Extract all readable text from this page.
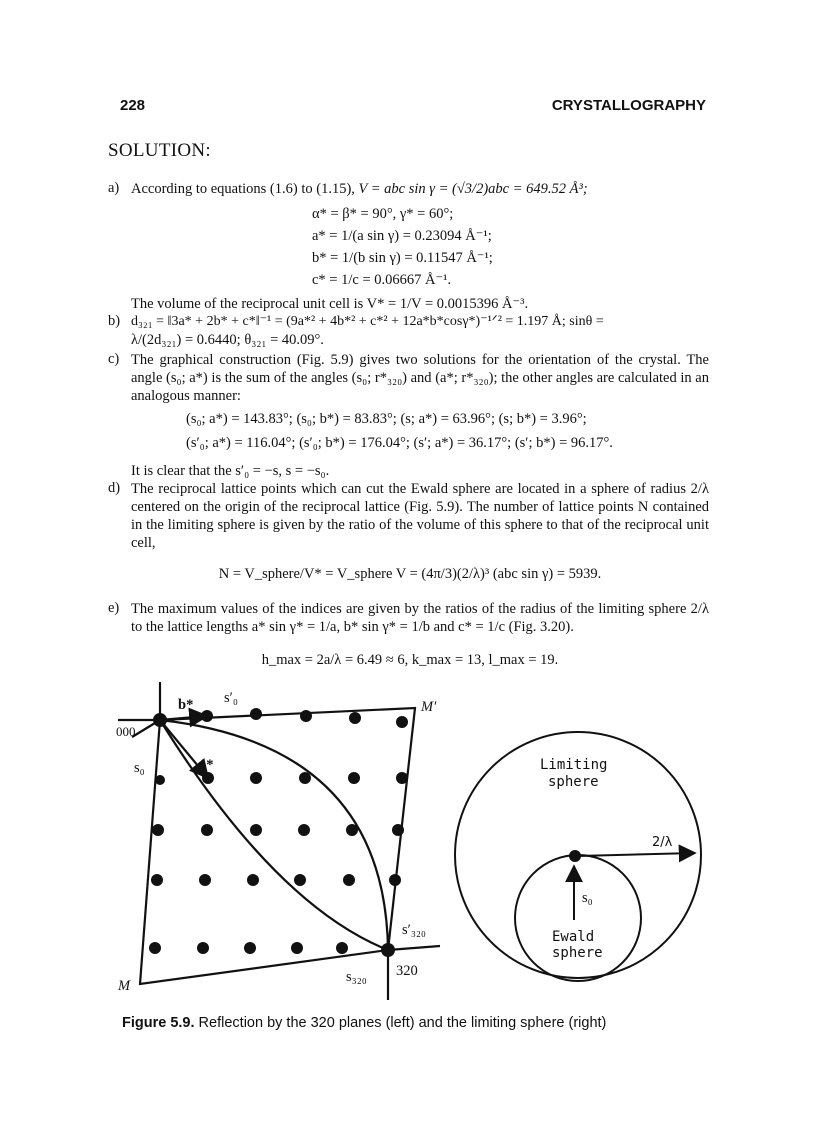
228	CRYSTALLOGRAPHY
SOLUTION:
a) According to equations (1.6) to (1.15), V = abc sin γ = (√3/2)abc = 649.52 Å³;
α* = β* = 90°, γ* = 60°;
a* = 1/(a sin γ) = 0.23094 Å⁻¹;
b* = 1/(b sin γ) = 0.11547 Å⁻¹;
c* = 1/c = 0.06667 Å⁻¹.
The volume of the reciprocal unit cell is V* = 1/V = 0.0015396 Å⁻³.
b) d₃₂₁ = ‖3a* + 2b* + c*‖⁻¹ = (9a*² + 4b*² + c*² + 12a*b*cosγ*)⁻¹ᐟ² = 1.197 Å; sinθ =
λ/(2d₃₂₁) = 0.6440; θ₃₂₁ = 40.09°.
c) The graphical construction (Fig. 5.9) gives two solutions for the orientation of the crystal. The angle (s₀; a*) is the sum of the angles (s₀; r*₃₂₀) and (a*; r*₃₂₀); the other angles are calculated in an analogous manner:
(s₀; a*) = 143.83°; (s₀; b*) = 83.83°; (s; a*) = 63.96°; (s; b*) = 3.96°;
(s′₀; a*) = 116.04°; (s′₀; b*) = 176.04°; (s′; a*) = 36.17°; (s′; b*) = 96.17°.
It is clear that the s′₀ = −s, s = −s₀.
d) The reciprocal lattice points which can cut the Ewald sphere are located in a sphere of radius 2/λ centered on the origin of the reciprocal lattice (Fig. 5.9). The number of lattice points N contained in the limiting sphere is given by the ratio of the volume of this sphere to that of the reciprocal unit cell,
N = V_sphere/V* = V_sphere V = (4π/3)(2/λ)³ (abc sin γ) = 5939.
e) The maximum values of the indices are given by the ratios of the radius of the limiting sphere 2/λ to the lattice lengths a* sin γ* = 1/a, b* sin γ* = 1/b and c* = 1/c (Fig. 3.20).
h_max = 2a/λ = 6.49 ≈ 6, k_max = 13, l_max = 19.
000
b* s′₀
s₀	a*
M′
M
s′₃₂₀
s₃₂₀ 320
Limiting
sphere
2/λ
s₀
Ewald
sphere
Figure 5.9. Reflection by the 320 planes (left) and the limiting sphere (right)
